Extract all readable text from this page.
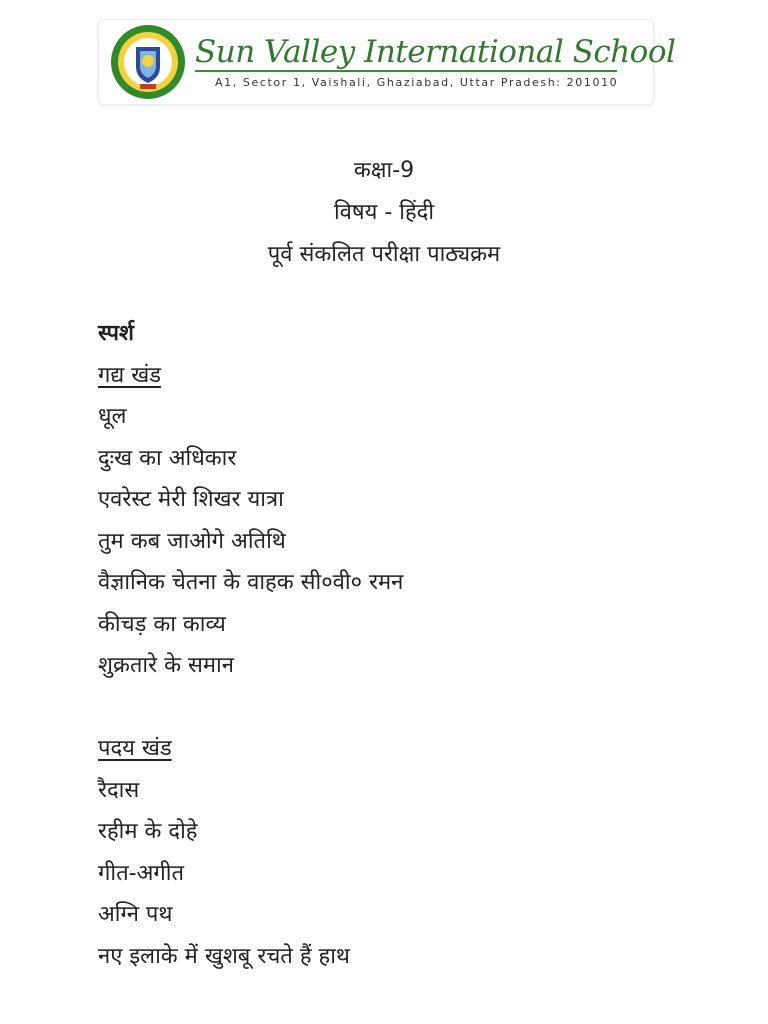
Sun Valley International School
A1, Sector 1, Vaishali, Ghaziabad, Uttar Pradesh: 201010
कक्षा-9
विषय - हिंदी
पूर्व संकलित परीक्षा पाठ्यक्रम
स्पर्श
गद्य खंड
धूल
दुःख का अधिकार
एवरेस्ट मेरी शिखर यात्रा
तुम कब जाओगे अतिथि
वैज्ञानिक चेतना के वाहक सी०वी० रमन
कीचड़ का काव्य
शुक्रतारे के समान
पदय खंड
रैदास
रहीम के दोहे
गीत-अगीत
अग्नि पथ
नए इलाके में खुशबू रचते हैं हाथ
